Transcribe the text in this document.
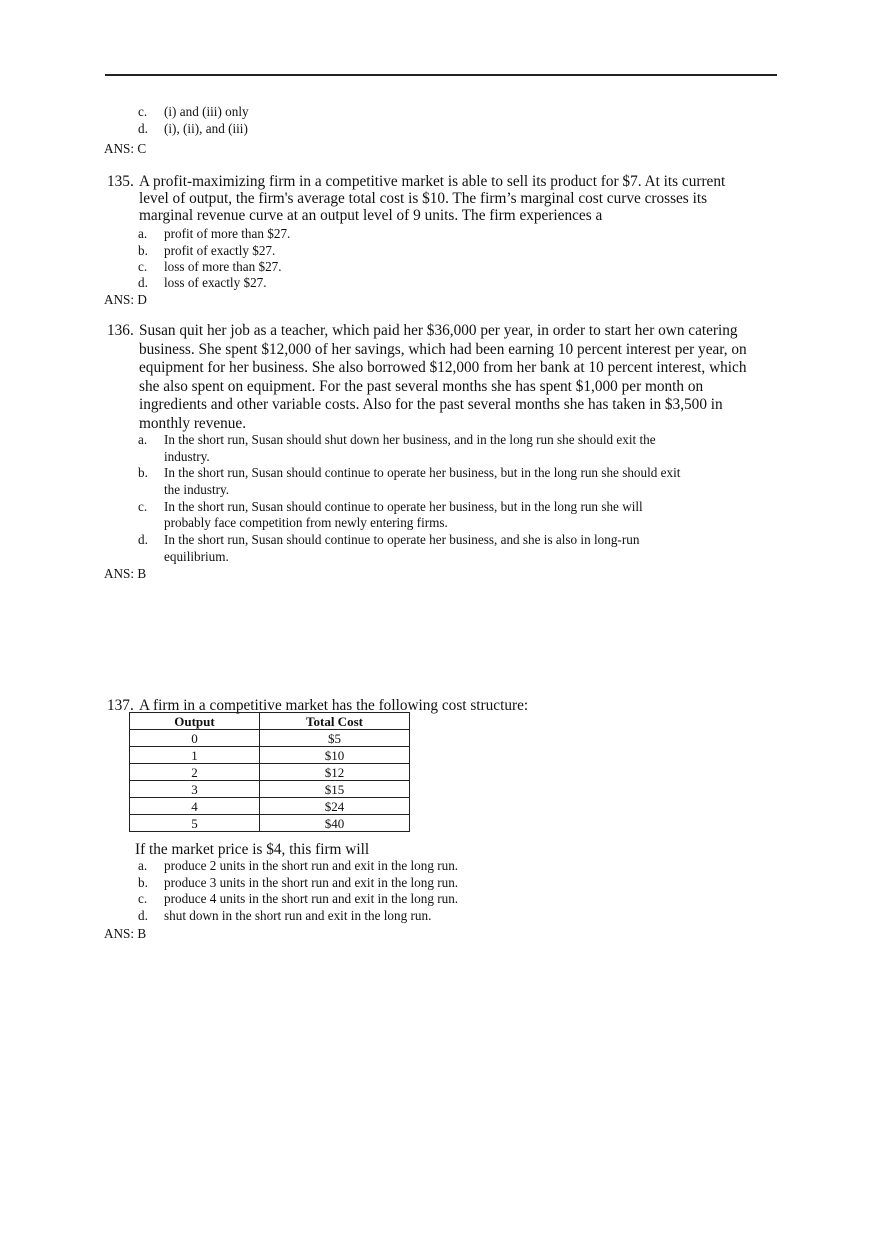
c. (i) and (iii) only
d. (i), (ii), and (iii)
ANS: C
135. A profit-maximizing firm in a competitive market is able to sell its product for $7. At its current
level of output, the firm's average total cost is $10. The firm’s marginal cost curve crosses its
marginal revenue curve at an output level of 9 units. The firm experiences a
a. profit of more than $27.
b. profit of exactly $27.
c. loss of more than $27.
d. loss of exactly $27.
ANS: D
136. Susan quit her job as a teacher, which paid her $36,000 per year, in order to start her own catering
business. She spent $12,000 of her savings, which had been earning 10 percent interest per year, on
equipment for her business. She also borrowed $12,000 from her bank at 10 percent interest, which
she also spent on equipment. For the past several months she has spent $1,000 per month on
ingredients and other variable costs. Also for the past several months she has taken in $3,500 in
monthly revenue.
a. In the short run, Susan should shut down her business, and in the long run she should exit the
industry.
b. In the short run, Susan should continue to operate her business, but in the long run she should exit
the industry.
c. In the short run, Susan should continue to operate her business, but in the long run she will
probably face competition from newly entering firms.
d. In the short run, Susan should continue to operate her business, and she is also in long-run
equilibrium.
ANS: B
137. A firm in a competitive market has the following cost structure:
Output	Total Cost
0	$5
1	$10
2	$12
3	$15
4	$24
5	$40
If the market price is $4, this firm will
a. produce 2 units in the short run and exit in the long run.
b. produce 3 units in the short run and exit in the long run.
c. produce 4 units in the short run and exit in the long run.
d. shut down in the short run and exit in the long run.
ANS: B
